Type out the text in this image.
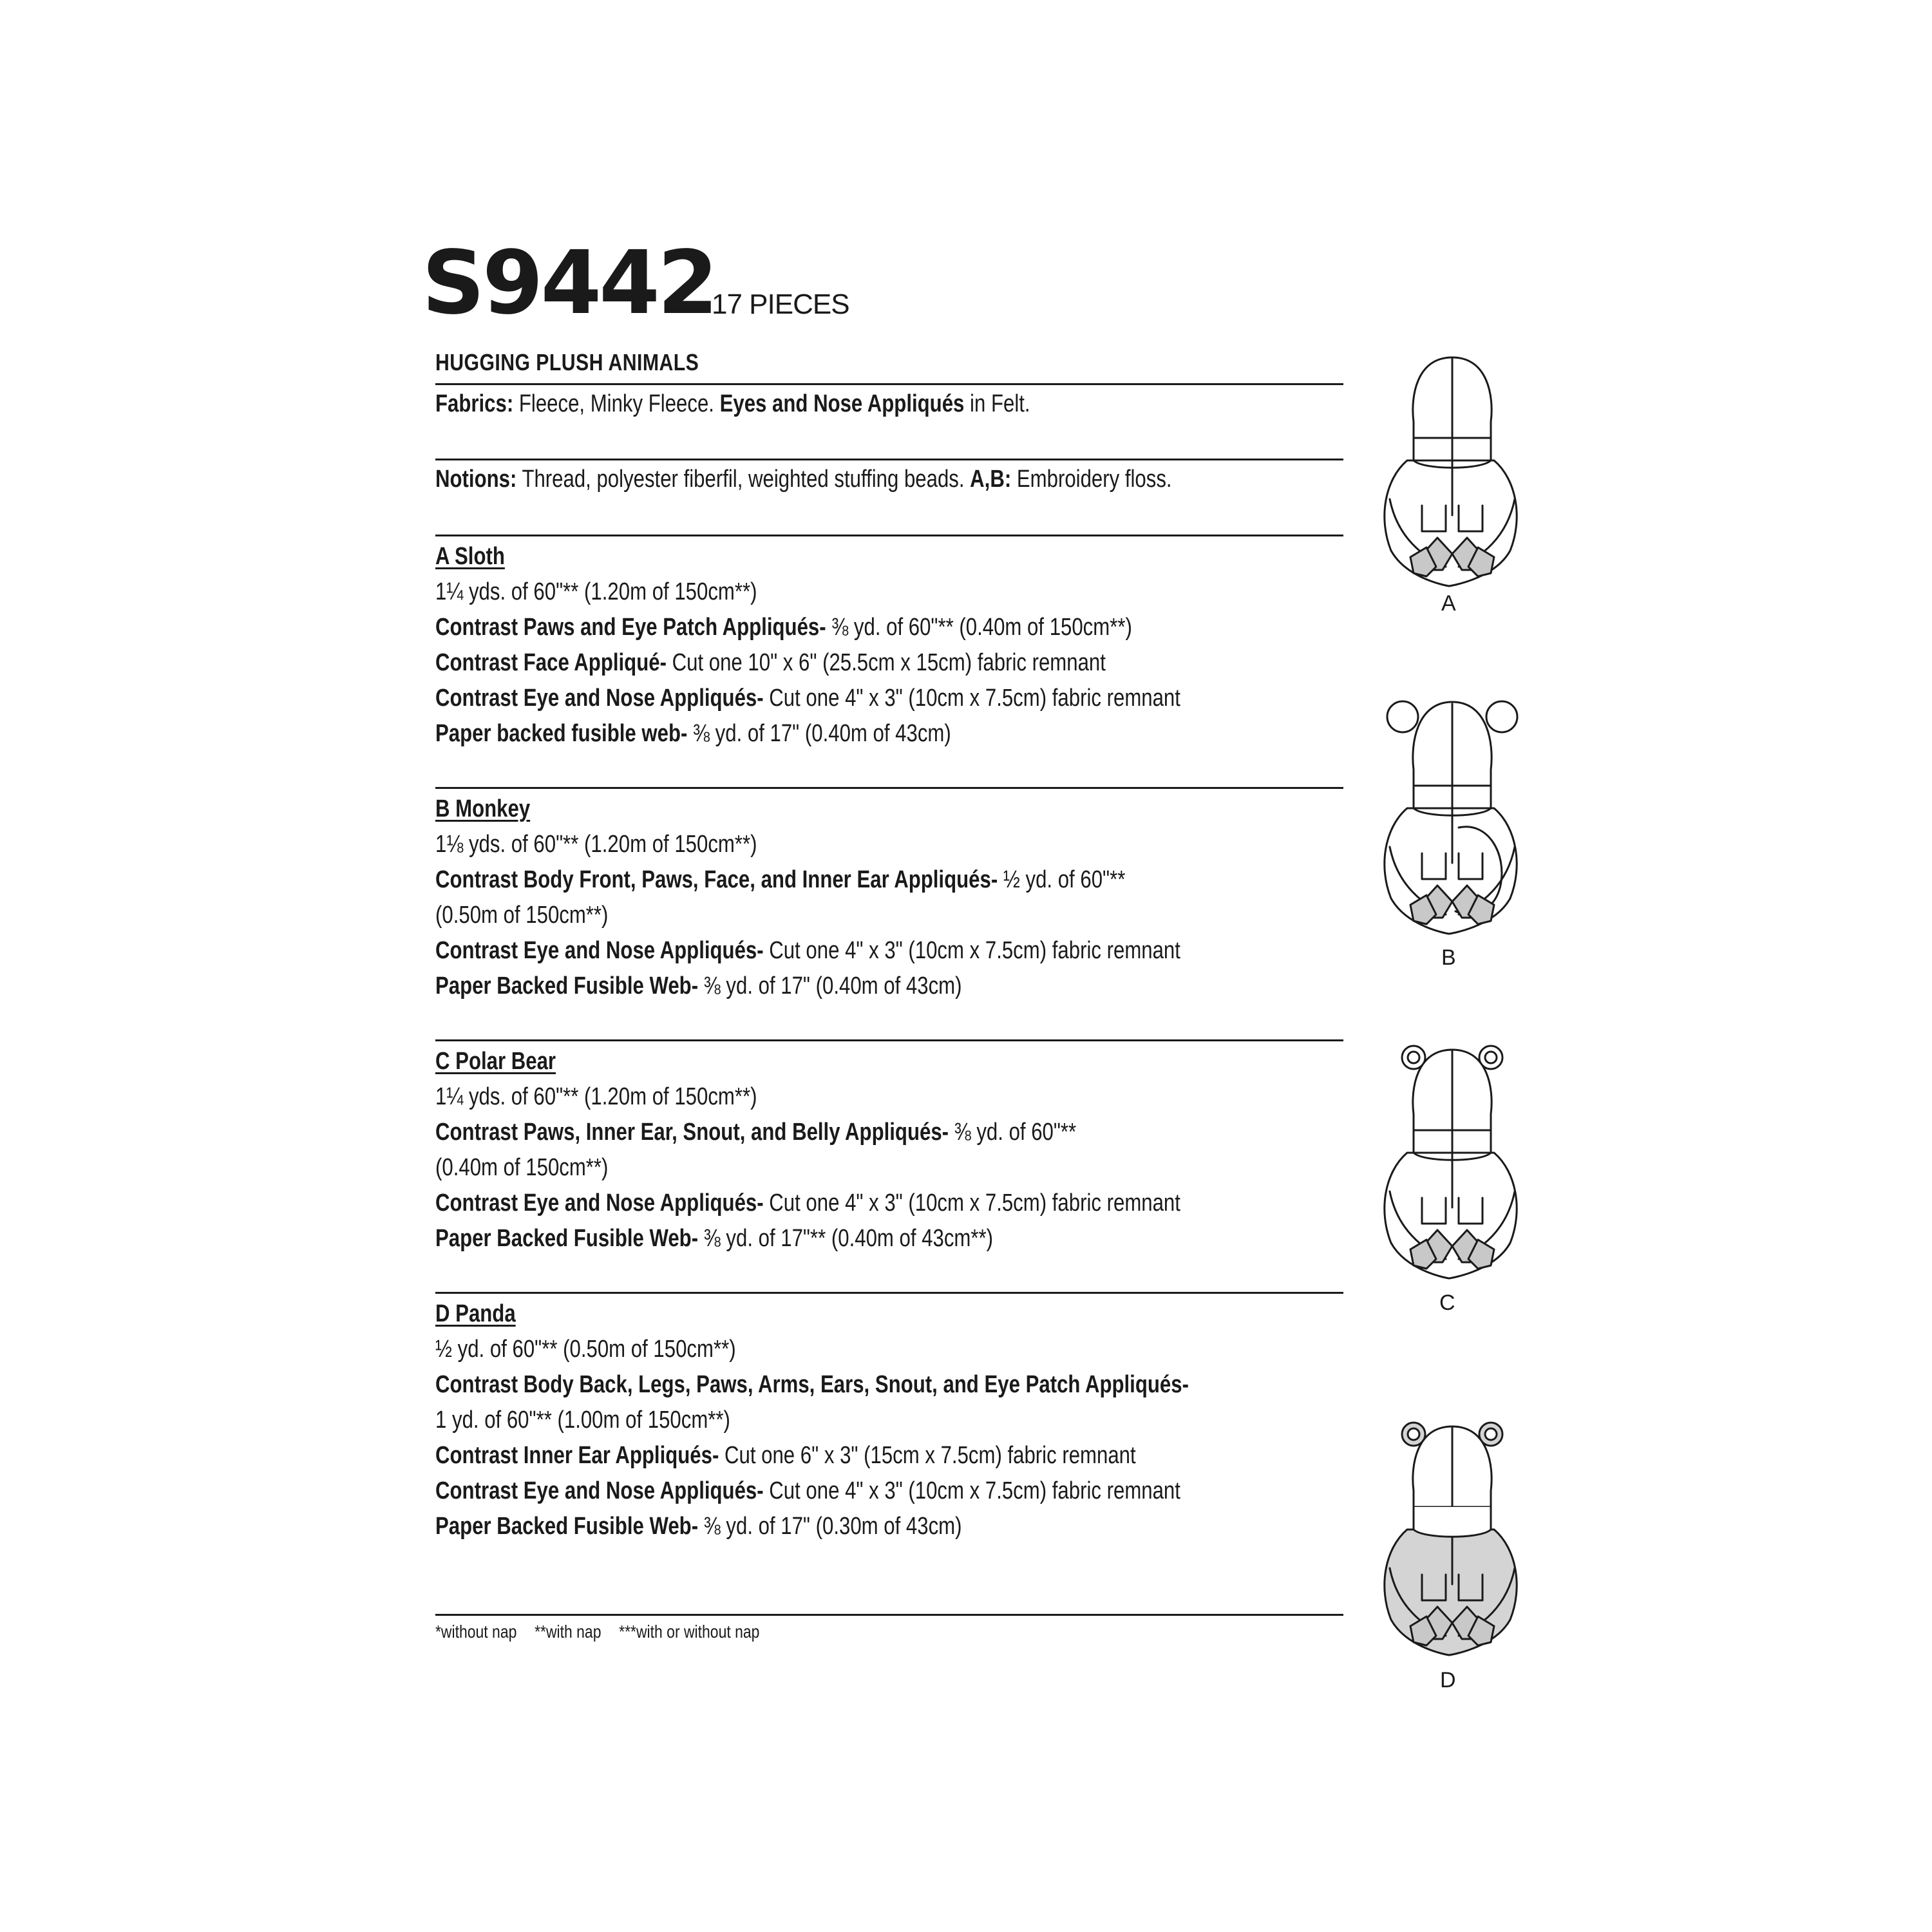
S9442
17 PIECES
HUGGING PLUSH ANIMALS
Fabrics: Fleece, Minky Fleece. Eyes and Nose Appliqués in Felt.
Notions: Thread, polyester fiberfil, weighted stuffing beads. A,B: Embroidery floss.
A Sloth
1¼ yds. of 60"** (1.20m of 150cm**)
Contrast Paws and Eye Patch Appliqués- ⅜ yd. of 60"** (0.40m of 150cm**)
Contrast Face Appliqué- Cut one 10" x 6" (25.5cm x 15cm) fabric remnant
Contrast Eye and Nose Appliqués- Cut one 4" x 3" (10cm x 7.5cm) fabric remnant
Paper backed fusible web- ⅜ yd. of 17" (0.40m of 43cm)
B Monkey
1⅛ yds. of 60"** (1.20m of 150cm**)
Contrast Body Front, Paws, Face, and Inner Ear Appliqués- ½ yd. of 60"**
(0.50m of 150cm**)
Contrast Eye and Nose Appliqués- Cut one 4" x 3" (10cm x 7.5cm) fabric remnant
Paper Backed Fusible Web- ⅜ yd. of 17" (0.40m of 43cm)
C Polar Bear
1¼ yds. of 60"** (1.20m of 150cm**)
Contrast Paws, Inner Ear, Snout, and Belly Appliqués- ⅜ yd. of 60"**
(0.40m of 150cm**)
Contrast Eye and Nose Appliqués- Cut one 4" x 3" (10cm x 7.5cm) fabric remnant
Paper Backed Fusible Web- ⅜ yd. of 17"** (0.40m of 43cm**)
D Panda
½ yd. of 60"** (0.50m of 150cm**)
Contrast Body Back, Legs, Paws, Arms, Ears, Snout, and Eye Patch Appliqués-
1 yd. of 60"** (1.00m of 150cm**)
Contrast Inner Ear Appliqués- Cut one 6" x 3" (15cm x 7.5cm) fabric remnant
Contrast Eye and Nose Appliqués- Cut one 4" x 3" (10cm x 7.5cm) fabric remnant
Paper Backed Fusible Web- ⅜ yd. of 17" (0.30m of 43cm)
*without nap **with nap ***with or without nap
A
B
C
D
